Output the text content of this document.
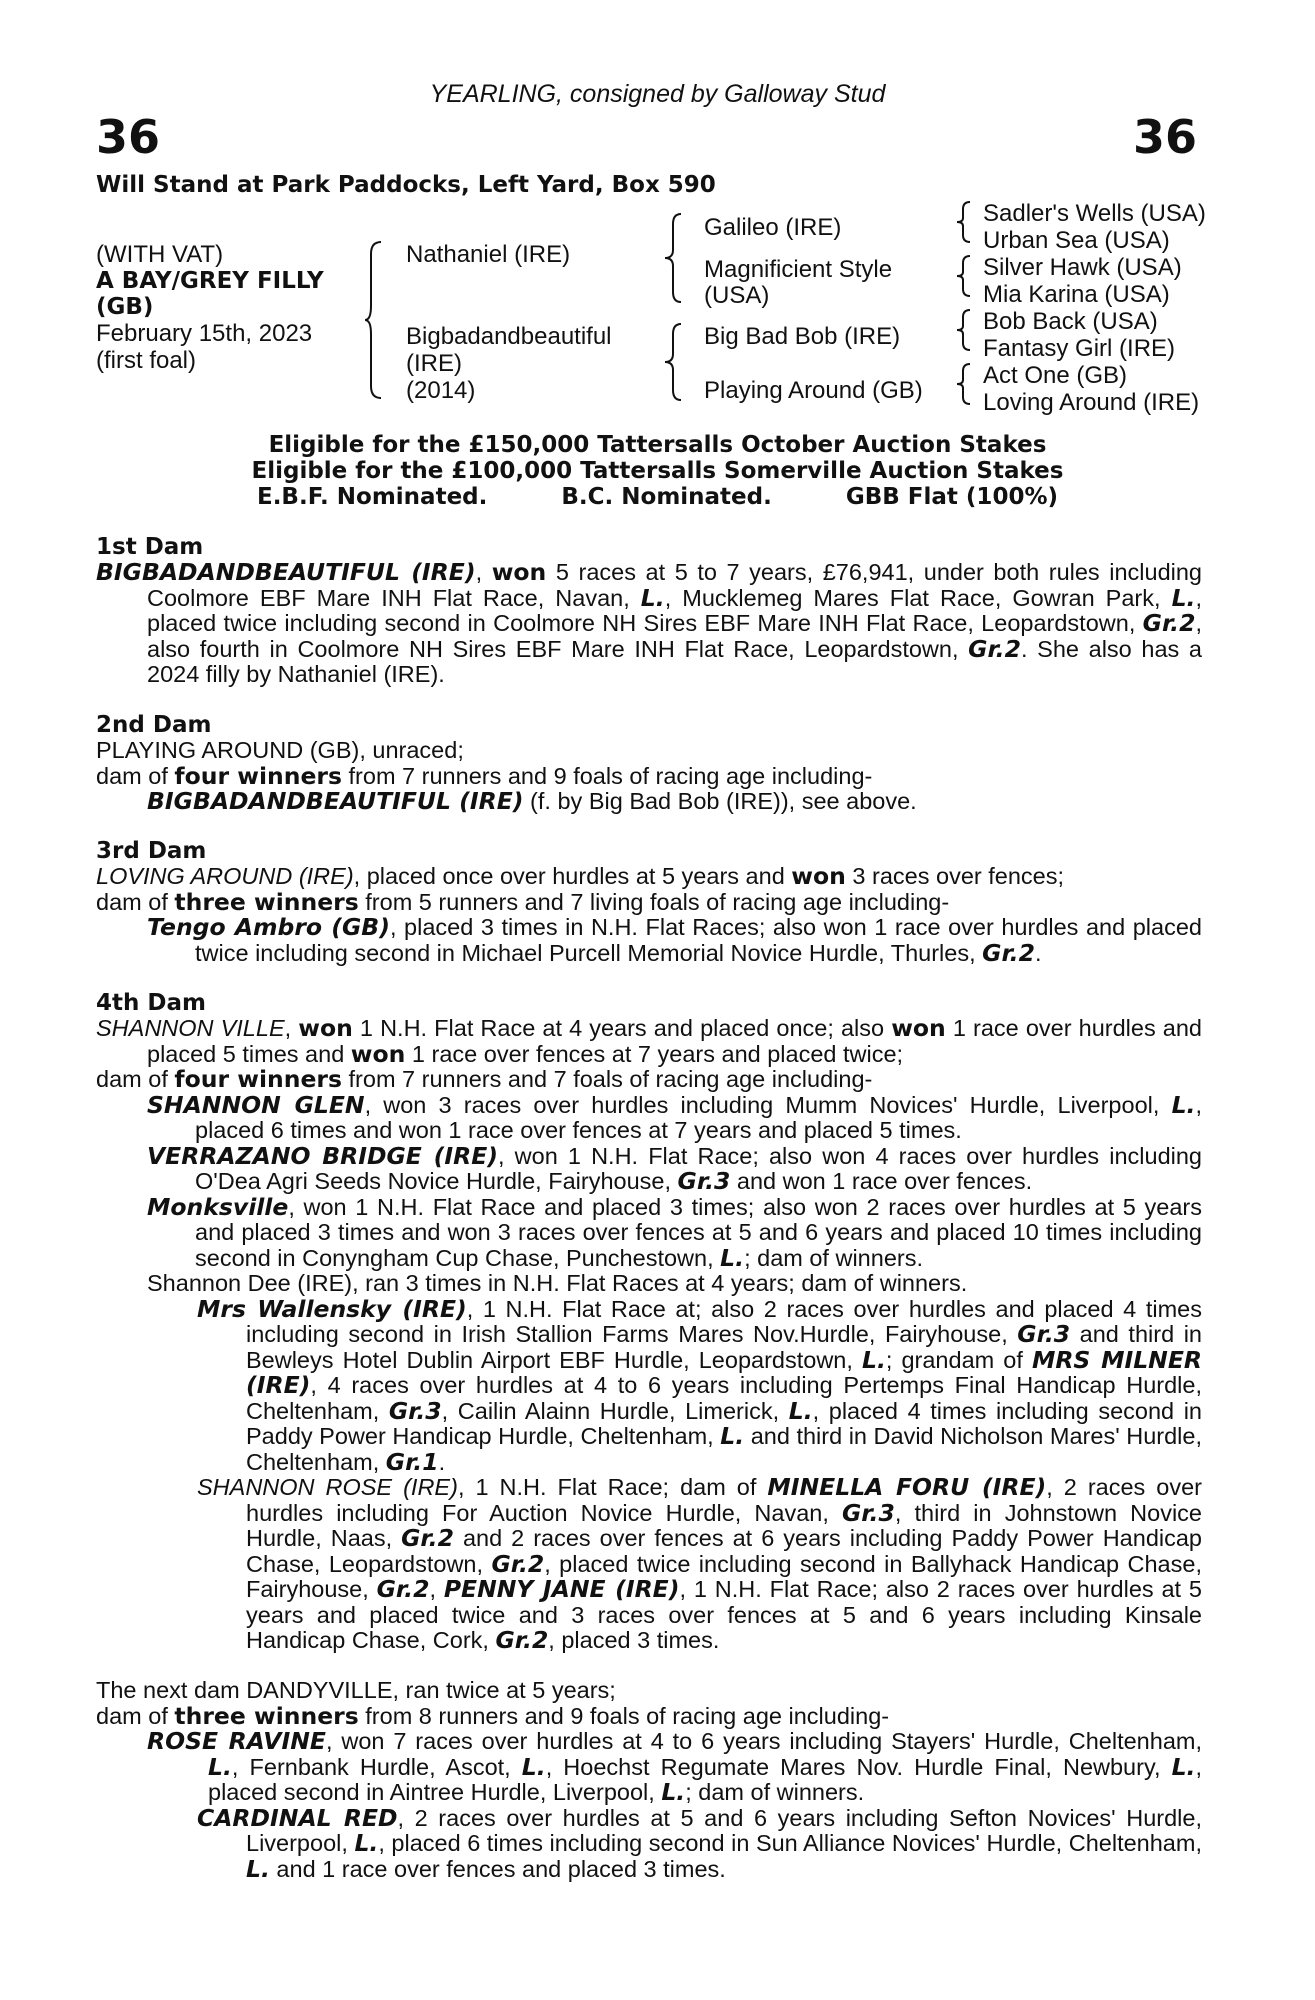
YEARLING, consigned by Galloway Stud
36	36
Will Stand at Park Paddocks, Left Yard, Box 590
(WITH VAT)
A BAY/GREY FILLY
(GB)
February 15th, 2023
(first foal)
Nathaniel (IRE)
Bigbadandbeautiful
(IRE)
(2014)
Galileo (IRE)
Magnificient Style
(USA)
Big Bad Bob (IRE)
Playing Around (GB)
Sadler's Wells (USA)
Urban Sea (USA)
Silver Hawk (USA)
Mia Karina (USA)
Bob Back (USA)
Fantasy Girl (IRE)
Act One (GB)
Loving Around (IRE)
Eligible for the £150,000 Tattersalls October Auction Stakes
Eligible for the £100,000 Tattersalls Somerville Auction Stakes
E.B.F. Nominated.	B.C. Nominated.	GBB Flat (100%)
1st Dam

BIGBADANDBEAUTIFUL (IRE), won 5 races at 5 to 7 years, £76,941, under both rules including Coolmore EBF Mare INH Flat Race, Navan, L., Mucklemeg Mares Flat Race, Gowran Park, L., placed twice including second in Coolmore NH Sires EBF Mare INH Flat Race, Leopardstown, Gr.2, also fourth in Coolmore NH Sires EBF Mare INH Flat Race, Leopardstown, Gr.2. She also has a 2024 filly by Nathaniel (IRE).

2nd Dam

PLAYING AROUND (GB), unraced;

dam of four winners from 7 runners and 9 foals of racing age including-

BIGBADANDBEAUTIFUL (IRE) (f. by Big Bad Bob (IRE)), see above.

3rd Dam

LOVING AROUND (IRE), placed once over hurdles at 5 years and won 3 races over fences;

dam of three winners from 5 runners and 7 living foals of racing age including-

Tengo Ambro (GB), placed 3 times in N.H. Flat Races; also won 1 race over hurdles and placed twice including second in Michael Purcell Memorial Novice Hurdle, Thurles, Gr.2.

4th Dam

SHANNON VILLE, won 1 N.H. Flat Race at 4 years and placed once; also won 1 race over hurdles and placed 5 times and won 1 race over fences at 7 years and placed twice;

dam of four winners from 7 runners and 7 foals of racing age including-

SHANNON GLEN, won 3 races over hurdles including Mumm Novices' Hurdle, Liverpool, L., placed 6 times and won 1 race over fences at 7 years and placed 5 times.

VERRAZANO BRIDGE (IRE), won 1 N.H. Flat Race; also won 4 races over hurdles including O'Dea Agri Seeds Novice Hurdle, Fairyhouse, Gr.3 and won 1 race over fences.

Monksville, won 1 N.H. Flat Race and placed 3 times; also won 2 races over hurdles at 5 years and placed 3 times and won 3 races over fences at 5 and 6 years and placed 10 times including second in Conyngham Cup Chase, Punchestown, L.; dam of winners.

Shannon Dee (IRE), ran 3 times in N.H. Flat Races at 4 years; dam of winners.

Mrs Wallensky (IRE), 1 N.H. Flat Race at; also 2 races over hurdles and placed 4 times including second in Irish Stallion Farms Mares Nov.Hurdle, Fairyhouse, Gr.3 and third in Bewleys Hotel Dublin Airport EBF Hurdle, Leopardstown, L.; grandam of MRS MILNER (IRE), 4 races over hurdles at 4 to 6 years including Pertemps Final Handicap Hurdle, Cheltenham, Gr.3, Cailin Alainn Hurdle, Limerick, L., placed 4 times including second in Paddy Power Handicap Hurdle, Cheltenham, L. and third in David Nicholson Mares' Hurdle, Cheltenham, Gr.1.

SHANNON ROSE (IRE), 1 N.H. Flat Race; dam of MINELLA FORU (IRE), 2 races over hurdles including For Auction Novice Hurdle, Navan, Gr.3, third in Johnstown Novice Hurdle, Naas, Gr.2 and 2 races over fences at 6 years including Paddy Power Handicap Chase, Leopardstown, Gr.2, placed twice including second in Ballyhack Handicap Chase, Fairyhouse, Gr.2, PENNY JANE (IRE), 1 N.H. Flat Race; also 2 races over hurdles at 5 years and placed twice and 3 races over fences at 5 and 6 years including Kinsale Handicap Chase, Cork, Gr.2, placed 3 times.

The next dam DANDYVILLE, ran twice at 5 years;

dam of three winners from 8 runners and 9 foals of racing age including-

ROSE RAVINE, won 7 races over hurdles at 4 to 6 years including Stayers' Hurdle, Cheltenham, L., Fernbank Hurdle, Ascot, L., Hoechst Regumate Mares Nov. Hurdle Final, Newbury, L., placed second in Aintree Hurdle, Liverpool, L.; dam of winners.

CARDINAL RED, 2 races over hurdles at 5 and 6 years including Sefton Novices' Hurdle, Liverpool, L., placed 6 times including second in Sun Alliance Novices' Hurdle, Cheltenham, L. and 1 race over fences and placed 3 times.
